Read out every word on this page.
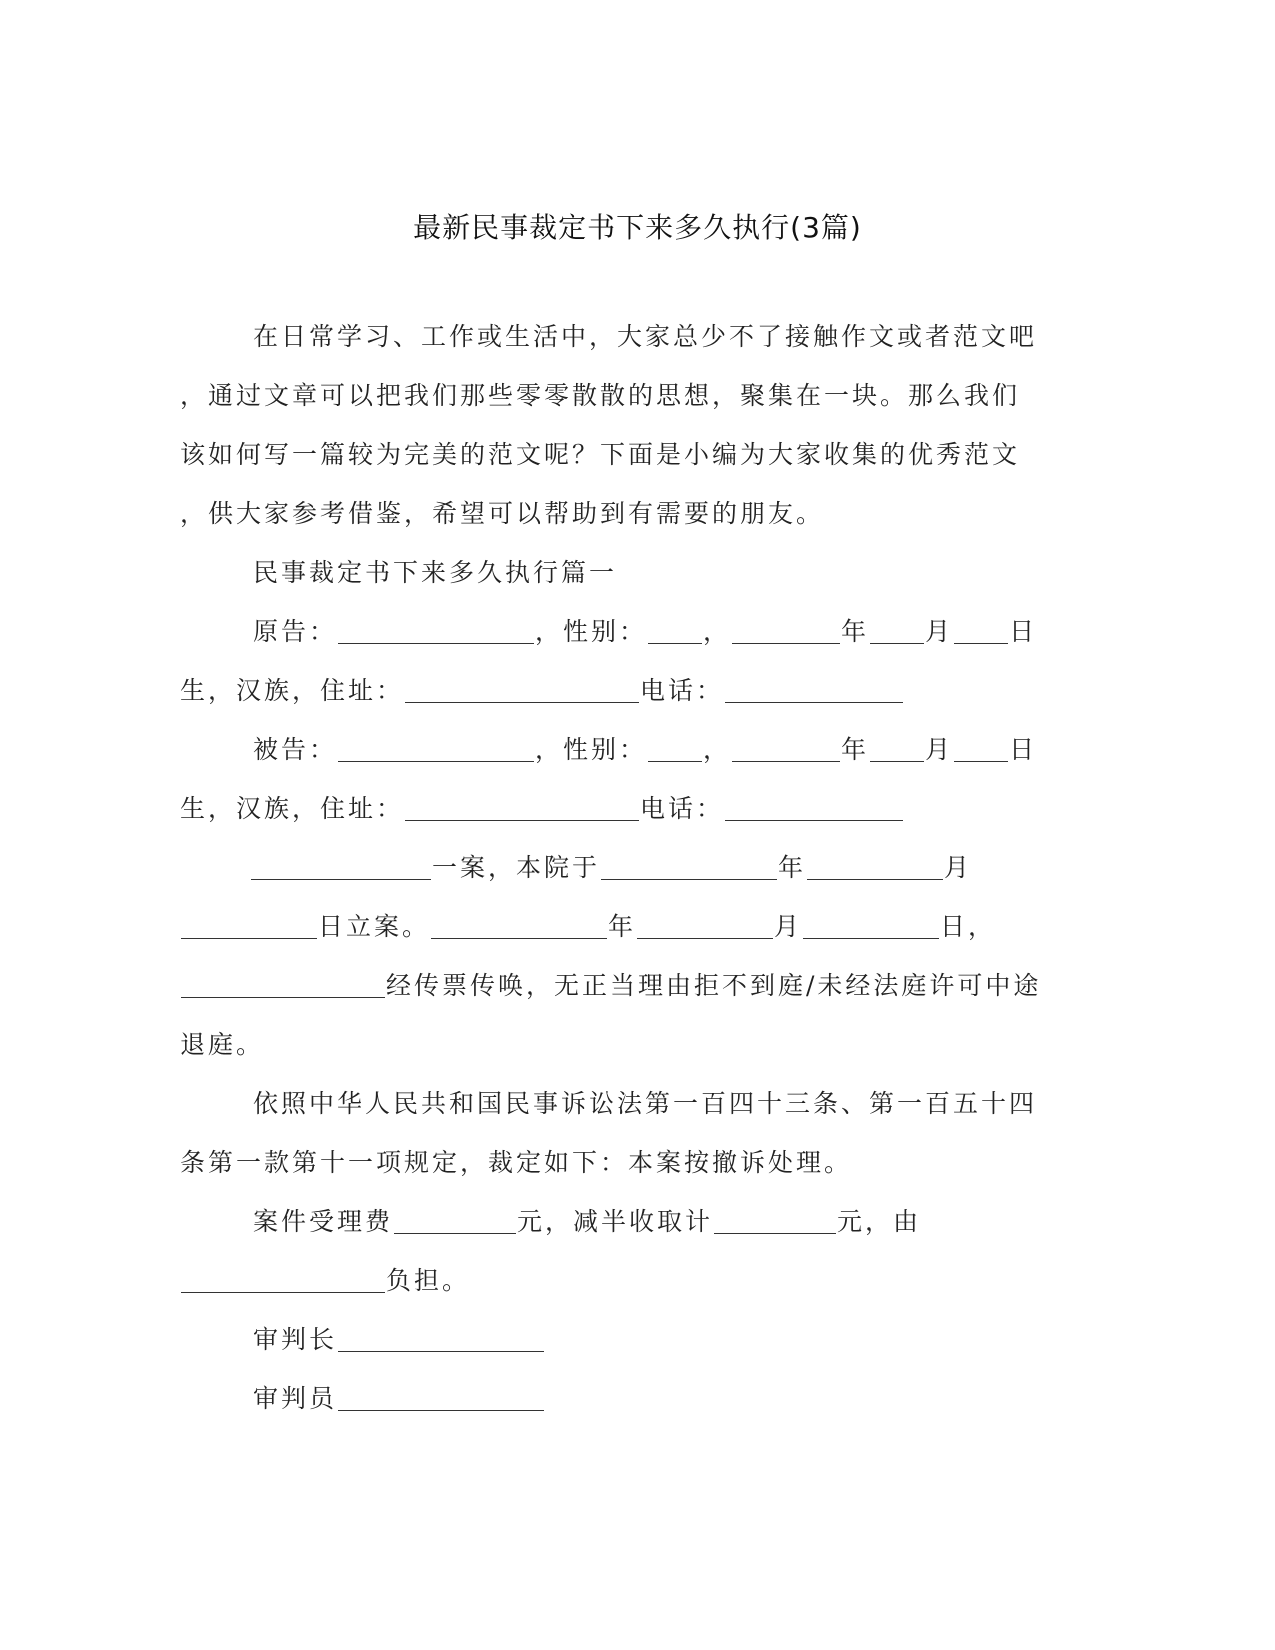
最新民事裁定书下来多久执行(3篇)
在日常学习、工作或生活中，大家总少不了接触作文或者范文吧
，通过文章可以把我们那些零零散散的思想，聚集在一块。那么我们
该如何写一篇较为完美的范文呢？下面是小编为大家收集的优秀范文
，供大家参考借鉴，希望可以帮助到有需要的朋友。
民事裁定书下来多久执行篇一
原告：	，性别： ，	年 月 日
生，汉族，住址：	电话：
被告：	，性别： ，	年 月 日
生，汉族，住址：	电话：
一案，本院于	年	月
日立案。	年	月	日，
经传票传唤，无正当理由拒不到庭/未经法庭许可中途
退庭。
依照中华人民共和国民事诉讼法第一百四十三条、第一百五十四
条第一款第十一项规定，裁定如下：本案按撤诉处理。
案件受理费	元，减半收取计	元，由
负担。
审判长
审判员
